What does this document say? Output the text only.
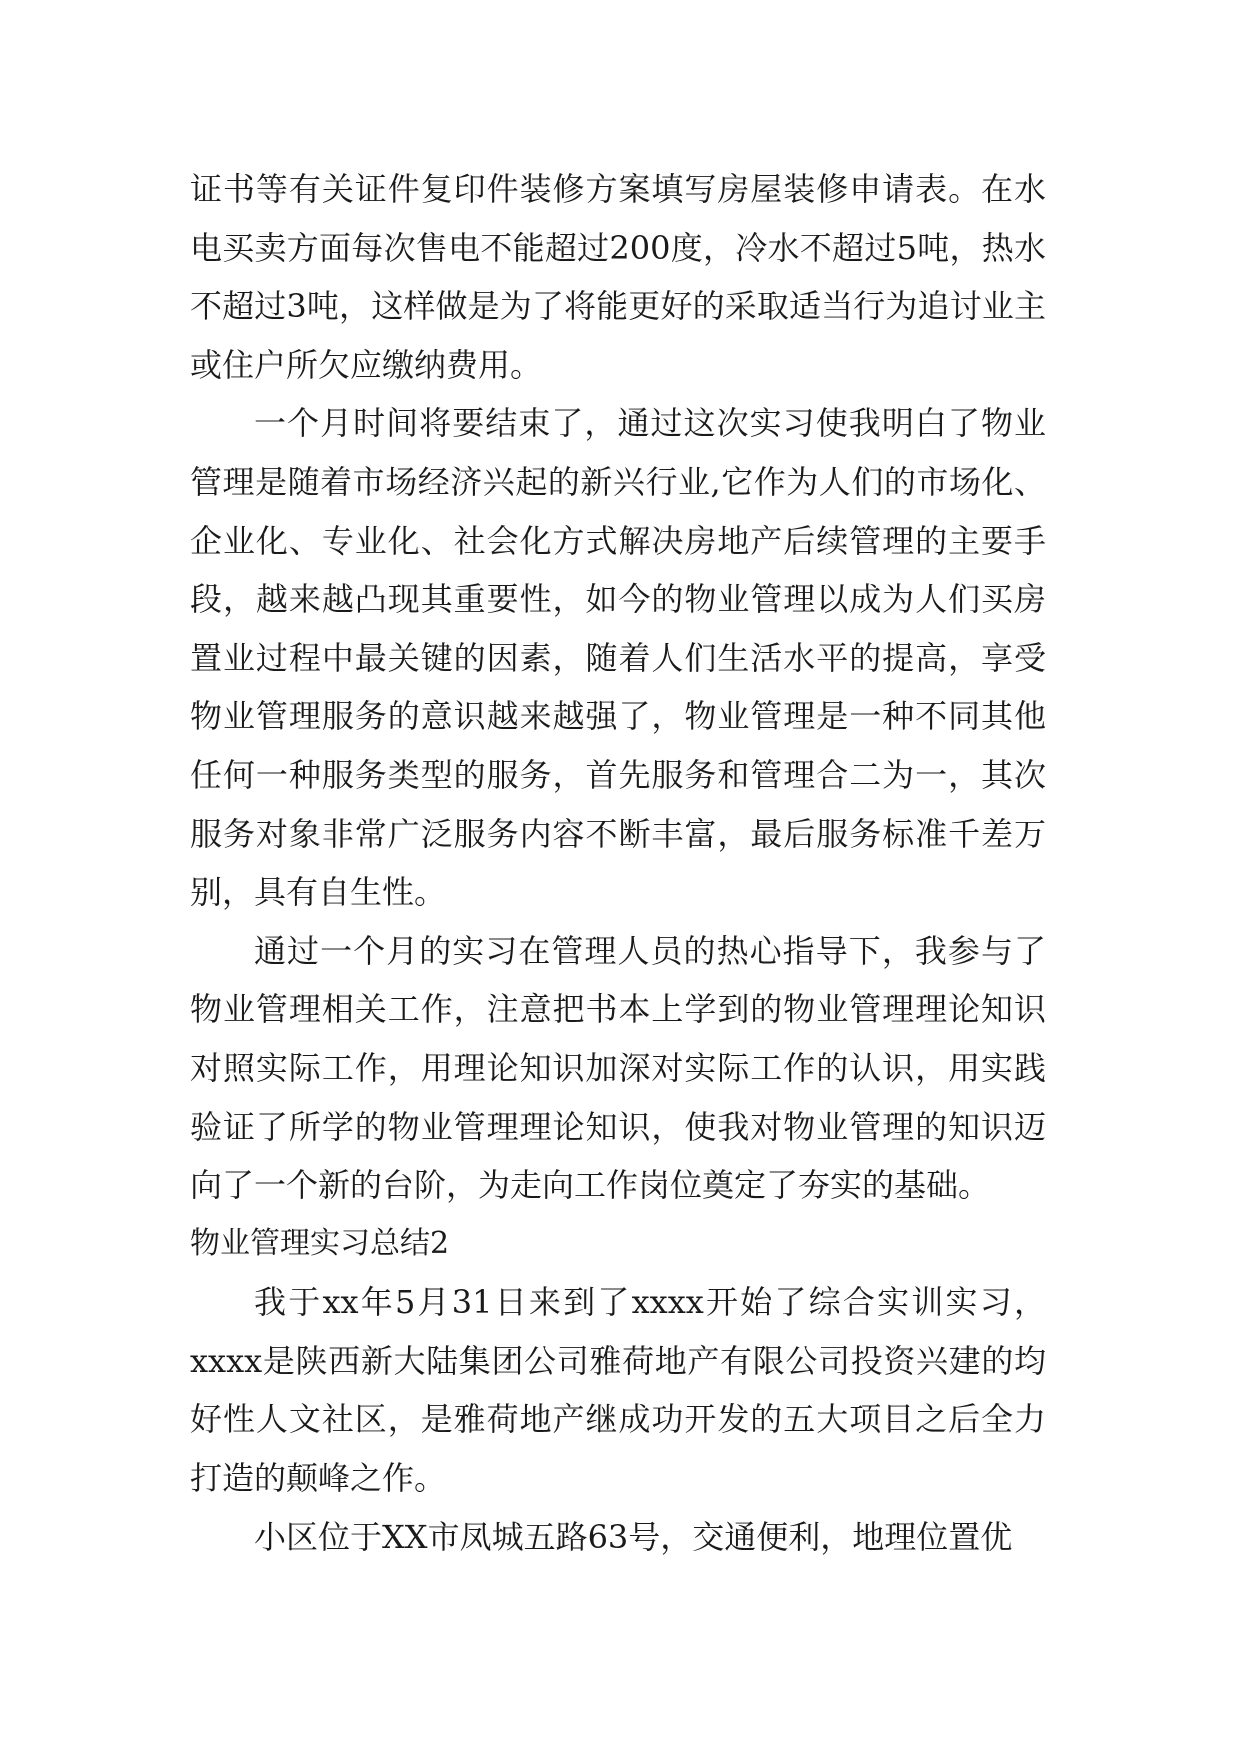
证书等有关证件复印件装修方案填写房屋装修申请表。在水电买卖方面每次售电不能超过200度，冷水不超过5吨，热水不超过3吨，这样做是为了将能更好的采取适当行为追讨业主或住户所欠应缴纳费用。

一个月时间将要结束了，通过这次实习使我明白了物业管理是随着市场经济兴起的新兴行业,它作为人们的市场化、企业化、专业化、社会化方式解决房地产后续管理的主要手段，越来越凸现其重要性，如今的物业管理以成为人们买房置业过程中最关键的因素，随着人们生活水平的提高，享受物业管理服务的意识越来越强了，物业管理是一种不同其他任何一种服务类型的服务，首先服务和管理合二为一，其次服务对象非常广泛服务内容不断丰富，最后服务标准千差万别，具有自生性。

通过一个月的实习在管理人员的热心指导下，我参与了物业管理相关工作，注意把书本上学到的物业管理理论知识对照实际工作，用理论知识加深对实际工作的认识，用实践验证了所学的物业管理理论知识，使我对物业管理的知识迈向了一个新的台阶，为走向工作岗位奠定了夯实的基础。

物业管理实习总结2

我于xx年5月31日来到了xxxx开始了综合实训实习，xxxx是陕西新大陆集团公司雅荷地产有限公司投资兴建的均好性人文社区，是雅荷地产继成功开发的五大项目之后全力打造的颠峰之作。

小区位于XX市凤城五路63号，交通便利，地理位置优
